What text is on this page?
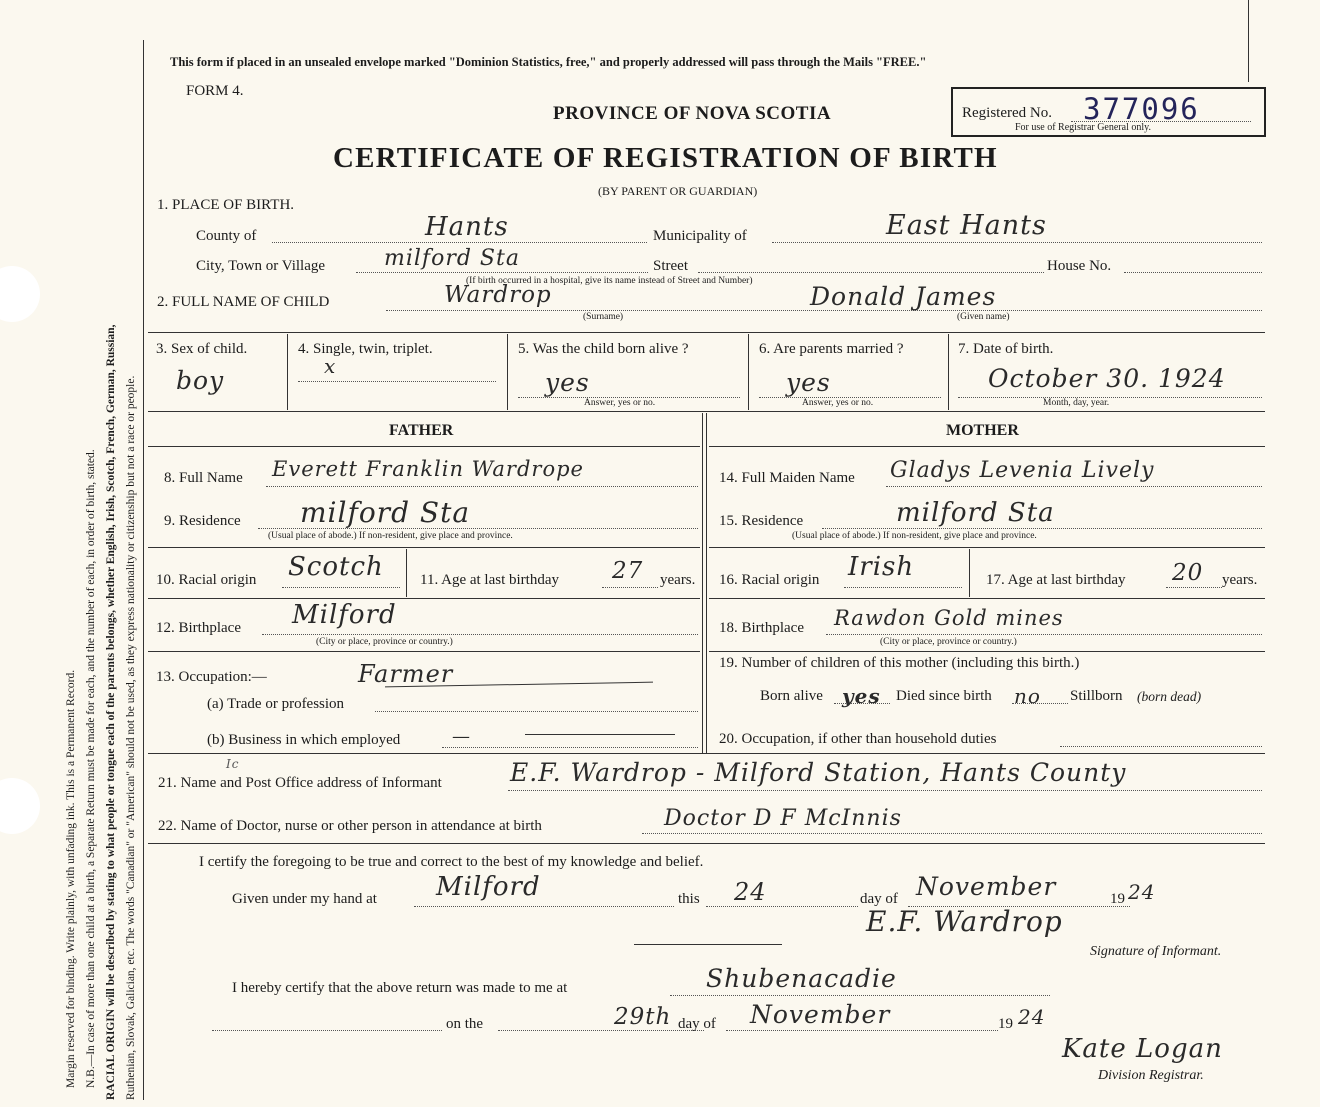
Margin reserved for binding. Write plainly, with unfading ink. This is a Permanent Record. N.B.—In case of more than one child at a birth, a Separate Return must be made for each, and the number of each, in order of birth, stated. RACIAL ORIGIN will be described by stating to what people or tongue each of the parents belongs, whether English, Irish, Scotch, French, German, Russian, Ruthenian, Slovak, Galician, etc. The words "Canadian" or "American" should not be used, as they express nationality or citizenship but not a race or people.
This form if placed in an unsealed envelope marked "Dominion Statistics, free," and properly addressed will pass through the Mails "FREE."
FORM 4.
PROVINCE OF NOVA SCOTIA	Registered No. 377096
For use of Registrar General only.
CERTIFICATE OF REGISTRATION OF BIRTH
(BY PARENT OR GUARDIAN)
1. PLACE OF BIRTH.
County of	Hants	Municipality of	East Hants
City, Town or Village	milford Sta	Street	House No.
(If birth occurred in a hospital, give its name instead of Street and Number)
2. FULL NAME OF CHILD	Wardrop
(Surname)
Donald James
(Given name)
3. Sex of child.
boy
4. Single, twin, triplet.
x
5. Was the child born alive ?
yes
Answer, yes or no.
6. Are parents married ?
yes
Answer, yes or no.
7. Date of birth.
October 30. 1924
Month, day, year.
FATHER	MOTHER
8. Full Name Everett Franklin Wardrope
9. Residence milford Sta
(Usual place of abode.) If non-resident, give place and province.
10. Racial origin Scotch 11. Age at last birthday 27 years.
12. Birthplace Milford
(City or place, province or country.)
13. Occupation:—	Farmer
(a) Trade or profession
(b) Business in which employed	—
14. Full Maiden Name Gladys Levenia Lively
15. Residence	milford Sta
(Usual place of abode.) If non-resident, give place and province.
16. Racial origin Irish	17. Age at last birthday 20 years.
18. Birthplace Rawdon Gold mines
(City or place, province or country.)
19. Number of children of this mother (including this birth.)
Born alive yes Died since birth no Stillborn (born dead)
20. Occupation, if other than household duties
Ic
21. Name and Post Office address of Informant	E.F. Wardrop - Milford Station, Hants County
22. Name of Doctor, nurse or other person in attendance at birth	Doctor D F McInnis
I certify the foregoing to be true and correct to the best of my knowledge and belief.
Given under my hand at Milford	this 24	day of November	19 24
E.F. Wardrop
Signature of Informant.
I hereby certify that the above return was made to me at	Shubenacadie
on the	29th day of November	19 24
Kate Logan
Division Registrar.
